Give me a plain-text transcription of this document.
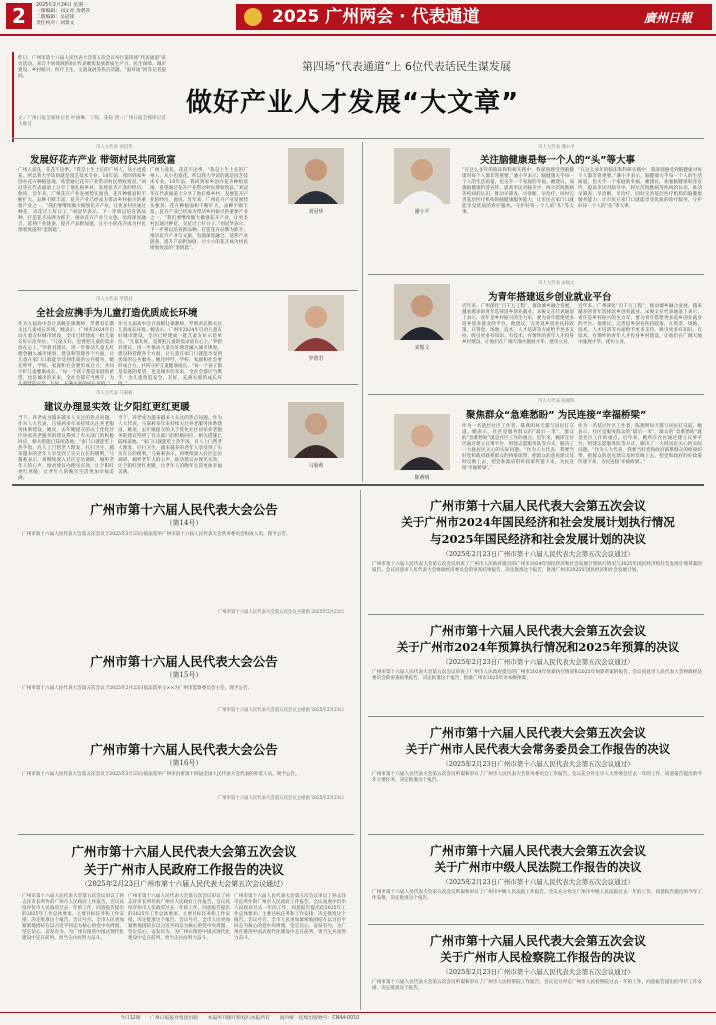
2	2025年2月24日 星期一
一版编辑：刘文亮 余碧莎
二版编辑：吴冠锋
责任校对：刘景文	2025 广州两会 · 代表通道	廣州日報
昨日，广州市第十六届人民代表大会第五次会议举行第四场“代表通道”采访活动。来自不同领域的6位代表聚焦发展新质生产力、民生保障、城市建设、乡村振兴、医疗卫生、文旅发展等热点话题，“面对面”回答记者提问。
文／广州日报全媒体记者 叶丽琳、丁琛、张稳 图／广州日报全媒体记者 王维宣
第四场“代表通道”上 6位代表话民生谋发展
做好产业人才发展“大文章”
市人大代表 刘冠华
发展好花卉产业 带领村民共同致富
广州人爱花，花花不论季。“我是土生土长的广州人，从小也爱花。所以我大学读的就是园艺技术专业。10年前，我回到家乡创办花卉种植基地，希望通过花卉产业带动村民增收致富。”刘冠华在代表通道上分享了他扎根乡村、发展花卉产业的经历。他说，近年来，广州花卉产业发展势头强劲，花卉种植面积不断扩大，品种不断丰富，花卉产业已经成为带动乡村振兴的重要产业之一。“我们要继续做大做强花卉产业，让更多村民通过种花、卖花过上好日子。”刘冠华表示，下一步将以培育新品种、打造花卉品牌为抓手，推动花卉产业与文旅、电商深度融合，延伸产业链条，提升产品附加值，让小小的花卉成为村民增收致富的“金钥匙”。
广州人爱花，花花不论季。“我是土生土长的广州人，从小也爱花。所以我大学读的就是园艺技术专业。10年前，我回到家乡创办花卉种植基地，希望通过花卉产业带动村民增收致富。”刘冠华在代表通道上分享了他扎根乡村、发展花卉产业的经历。他说，近年来，广州花卉产业发展势头强劲，花卉种植面积不断扩大，品种不断丰富，花卉产业已经成为带动乡村振兴的重要产业之一。“我们要继续做大做强花卉产业，让更多村民通过种花、卖花过上好日子。”刘冠华表示，下一步将以培育新品种、打造花卉品牌为抓手，推动花卉产业与文旅、电商深度融合，延伸产业链条，提升产品附加值，让小小的花卉成为村民增收致富的“金钥匙”。
刘冠华
市人大代表 罗碧君
全社会应携手为儿童打造优质成长环境
作为九届高中会计高级任课教师，罗碧君长期关注儿童成长环境。她表示，广州市2024年启动儿童友好城市建设，全市已经建成一批儿童友好示范单位。“儿童友好，是要把儿童的需求放在心上。”罗碧君建议，进一步推动儿童友好理念融入城市规划、建设和管理各个方面，让儿童在家门口就能享受到优质的公共服务。她还呼吁，学校、家庭和社会要形成合力，共同守护儿童健康成长。“每一个孩子都是家庭的希望，也是城市的未来，全社会都应当携手，为
作为九届高中会计高级任课教师，罗碧君长期关注儿童成长环境。她表示，广州市2024年启动儿童友好城市建设，全市已经建成一批儿童友好示范单位。“儿童友好，是要把儿童的需求放在心上。”罗碧君建议，进一步推动儿童友好理念融入城市规划、建设和管理各个方面，让儿童在家门口就能享受到优质的公共服务。她还呼吁，学校、家庭和社会要形成合力，共同守护儿童健康成长。“每一个孩子都是家庭的希望，也是城市的未来，全社会都应当携手，为儿童营造安全、友好、充满关爱的成长环
罗碧君
市人大代表 马菊莉
建议办理显实效 让夕阳红更红更暖
当下，养老成为越来越多人关注的热点问题。作为人大代表，马菊莉多年来持续关注养老服务体系建设。她说，去年她提交的关于优化社区居家养老服务的建议得到了有关部门的积极回应，相关措施已陆续落地。“家门口就能吃上热乎饭，有人上门帮老人理发、打扫卫生，越来越多的老年人享受到了实实在在的便利。”马菊莉表示，将继续深入社区走访调研，倾听老年人的心声，推动建议办理见实效，让夕阳红更红更暖，让老年人的晚年生活更加幸福美满。
当下，养老成为越来越多人关注的热点问题。作为人大代表，马菊莉多年来持续关注养老服务体系建设。她说，去年她提交的关于优化社区居家养老服务的建议得到了有关部门的积极回应，相关措施已陆续落地。“家门口就能吃上热乎饭，有人上门帮老人理发、打扫卫生，越来越多的老年人享受到了实实在在的便利。”马菊莉表示，将继续深入社区走访调研，倾听老年人的心声，推动建议办理见实效，让夕阳红更红更暖，让老年人的晚年生活更加幸福美满。
马菊莉
潘小平
市人大代表 潘小平
关注脑健康是每一个人的“头”等大事
“在这么多年的临床和科研实践中，我深刻感受到脑健康对每个人都非常重要。”潘小平表示，脑健康关乎每一个人的生活质量，也关乎一个家庭的幸福。她建议，加强脑健康科普宣传，提高市民对脑卒中、阿尔茨海默病等疾病的认识，推动早筛查、早诊断、早治疗。同时完善基层医疗机构的脑健康服务能力，让市民在家门口就能享受优质的诊疗服务，守护好每一个人的“头”等大事。
“在这么多年的临床和科研实践中，我深刻感受到脑健康对每个人都非常重要。”潘小平表示，脑健康关乎每一个人的生活质量，也关乎一个家庭的幸福。她建议，加强脑健康科普宣传，提高市民对脑卒中、阿尔茨海默病等疾病的认识，推动早筛查、早诊断、早治疗。同时完善基层医疗机构的脑健康服务能力，让市民在家门口就能享受优质的诊疗服务，守护好每一个人的“头”等大事。
宋俊文
市人大代表 宋俊文
为青年搭建返乡创业就业平台
近年来，广州深化“百千万工程”，推动城乡融合发展，越来越多的青年选择返乡创业就业。宋俊文在代表通道上表示，青年是乡村振兴的生力军，要为青年搭建更多返乡创业就业的平台。他建议，完善返乡创业扶持政策，在资金、场地、技术、人才培训等方面给予更多支持，吸引更多有知识、有技术、有情怀的青年人才投身乡村建设，让他们在广阔天地中施展才华、建功立业。
近年来，广州深化“百千万工程”，推动城乡融合发展，越来越多的青年选择返乡创业就业。宋俊文在代表通道上表示，青年是乡村振兴的生力军，要为青年搭建更多返乡创业就业的平台。他建议，完善返乡创业扶持政策，在资金、场地、技术、人才培训等方面给予更多支持，吸引更多有知识、有技术、有情怀的青年人才投身乡村建设，让他们在广阔天地中施展才华、建功立业。
陈燕明
市人大代表 陈燕明
聚焦群众“急难愁盼” 为民连接“幸福桥梁”
作为一名基层社区工作者，陈燕明每天都与居民打交道。她表示，社区是服务群众的“最后一米”，群众的“急难愁盼”就是社区工作的重点。近年来，她所在社区通过建立议事平台、组建志愿服务队等方式，解决了一大批居民关心的实际问题。“作为人大代表，我要当好党和政府联系群众的桥梁纽带，把群众的意见建议及时反映上去，把党和政府的好政策传递下来，为民连接‘幸福桥梁’。”
作为一名基层社区工作者，陈燕明每天都与居民打交道。她表示，社区是服务群众的“最后一米”，群众的“急难愁盼”就是社区工作的重点。近年来，她所在社区通过建立议事平台、组建志愿服务队等方式，解决了一大批居民关心的实际问题。“作为人大代表，我要当好党和政府联系群众的桥梁纽带，把群众的意见建议及时反映上去，把党和政府的好政策传递下来，为民连接‘幸福桥梁’。”
广州市第十六届人民代表大会公告
（第14号）
广州市第十六届人民代表大会第五次会议于2025年2月23日依法选举广州市第十六届人民代表大会常务委员会组成人员。现予公告。
广州市第十六届人民代表大会第五次会议主席团 2025年2月23日
广州市第十六届人民代表大会公告
（第15号）
广州市第十六届人民代表大会第五次会议于2025年2月23日依法选举王××为广州市监察委员会主任。现予公告。
广州市第十六届人民代表大会第五次会议主席团 2025年2月23日
广州市第十六届人民代表大会公告
（第16号）
广州市第十六届人民代表大会第五次会议于2025年2月23日依法选举广州市出席第十四届全国人民代表大会代表的补选人员。现予公告。
广州市第十六届人民代表大会第五次会议主席团 2025年2月23日
广州市第十六届人民代表大会第五次会议
关于广州市人民政府工作报告的决议
（2025年2月23日广州市第十六届人民代表大会第五次会议通过）
广州市第十六届人民代表大会第五次会议审议了孙志洋市长所作的广州市人民政府工作报告。会议高度评价市人民政府过去一年的工作，同意报告提出的2025年工作总体要求、主要目标任务和工作安排，决定批准这个报告。会议号召，全市人民更加紧密地团结在以习近平同志为核心的党中央周围，坚定信心、奋发有为，为广州在推进中国式现代化建设中走在前列、勇当尖兵而努力奋斗。
广州市第十六届人民代表大会第五次会议审议了孙志洋市长所作的广州市人民政府工作报告。会议高度评价市人民政府过去一年的工作，同意报告提出的2025年工作总体要求、主要目标任务和工作安排，决定批准这个报告。会议号召，全市人民更加紧密地团结在以习近平同志为核心的党中央周围，坚定信心、奋发有为，为广州在推进中国式现代化建设中走在前列、勇当尖兵而努力奋斗。
广州市第十六届人民代表大会第五次会议审议了孙志洋市长所作的广州市人民政府工作报告。会议高度评价市人民政府过去一年的工作，同意报告提出的2025年工作总体要求、主要目标任务和工作安排，决定批准这个报告。会议号召，全市人民更加紧密地团结在以习近平同志为核心的党中央周围，坚定信心、奋发有为，为广州在推进中国式现代化建设中走在前列、勇当尖兵而努力奋斗。
广州市第十六届人民代表大会第五次会议
关于广州市2024年国民经济和社会发展计划执行情况
与2025年国民经济和社会发展计划的决议
（2025年2月23日广州市第十六届人民代表大会第五次会议通过）
广州市第十六届人民代表大会第五次会议审查了广州市人民政府提出的广州市2024年国民经济和社会发展计划执行情况与2025年国民经济和社会发展计划草案的报告。会议同意市人民代表大会财政经济委员会的审查结果报告，决定批准这个报告，批准广州市2025年国民经济和社会发展计划。
广州市第十六届人民代表大会第五次会议
关于广州市2024年预算执行情况和2025年预算的决议
（2025年2月23日广州市第十六届人民代表大会第五次会议通过）
广州市第十六届人民代表大会第五次会议审查了广州市人民政府提出的广州市2024年预算执行情况和2025年预算草案的报告。会议同意市人民代表大会财政经济委员会的审查结果报告，决定批准这个报告，批准广州市2025年市本级预算。
广州市第十六届人民代表大会第五次会议
关于广州市人民代表大会常务委员会工作报告的决议
（2025年2月23日广州市第十六届人民代表大会第五次会议通过）
广州市第十六届人民代表大会第五次会议听取和审议了广州市人民代表大会常务委员会工作报告。会议充分肯定市人大常委会过去一年的工作，同意报告提出的今年主要任务，决定批准这个报告。
广州市第十六届人民代表大会第五次会议
关于广州市中级人民法院工作报告的决议
（2025年2月23日广州市第十六届人民代表大会第五次会议通过）
广州市第十六届人民代表大会第五次会议听取和审议了广州市中级人民法院工作报告。会议充分肯定广州市中级人民法院过去一年的工作，同意报告提出的今年工作安排，决定批准这个报告。
广州市第十六届人民代表大会第五次会议
关于广州市人民检察院工作报告的决议
（2025年2月23日广州市第十六届人民代表大会第五次会议通过）
广州市第十六届人民代表大会第五次会议听取和审议了广州市人民检察院工作报告。会议充分肯定广州市人民检察院过去一年的工作，同意报告提出的今年工作安排，决定批准这个报告。
今日12版　　广州日报报业集团出版　　本报所刊图片版权归本报所有　　国内统一连续出版物号：CN44-0010
